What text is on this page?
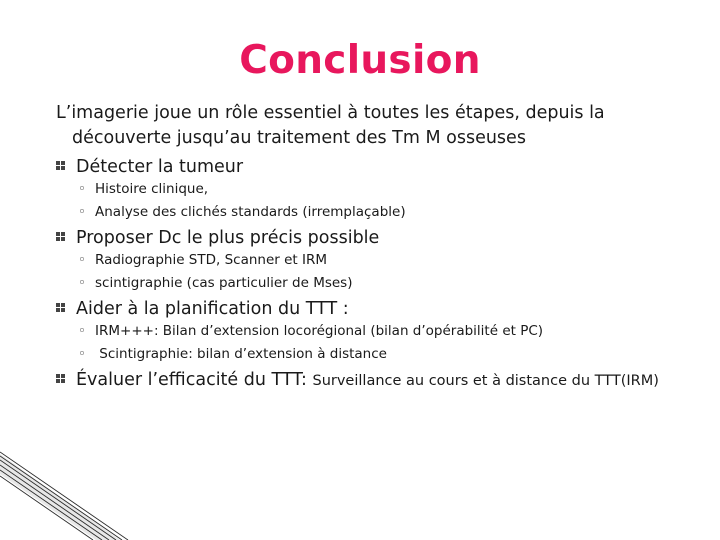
Conclusion
L’imagerie joue un rôle essentiel à toutes les étapes, depuis la
découverte jusqu’au traitement des Tm M osseuses
Détecter la tumeur
◦ Histoire clinique,
◦ Analyse des clichés standards (irremplaçable)
Proposer Dc le plus précis possible
◦ Radiographie STD, Scanner et IRM
◦ scintigraphie (cas particulier de Mses)
Aider à la planification du TTT :
◦ IRM+++: Bilan d’extension locorégional (bilan d’opérabilité et PC)
◦ Scintigraphie: bilan d’extension à distance
Évaluer l’efficacité du TTT: Surveillance au cours et à distance du TTT(IRM)
